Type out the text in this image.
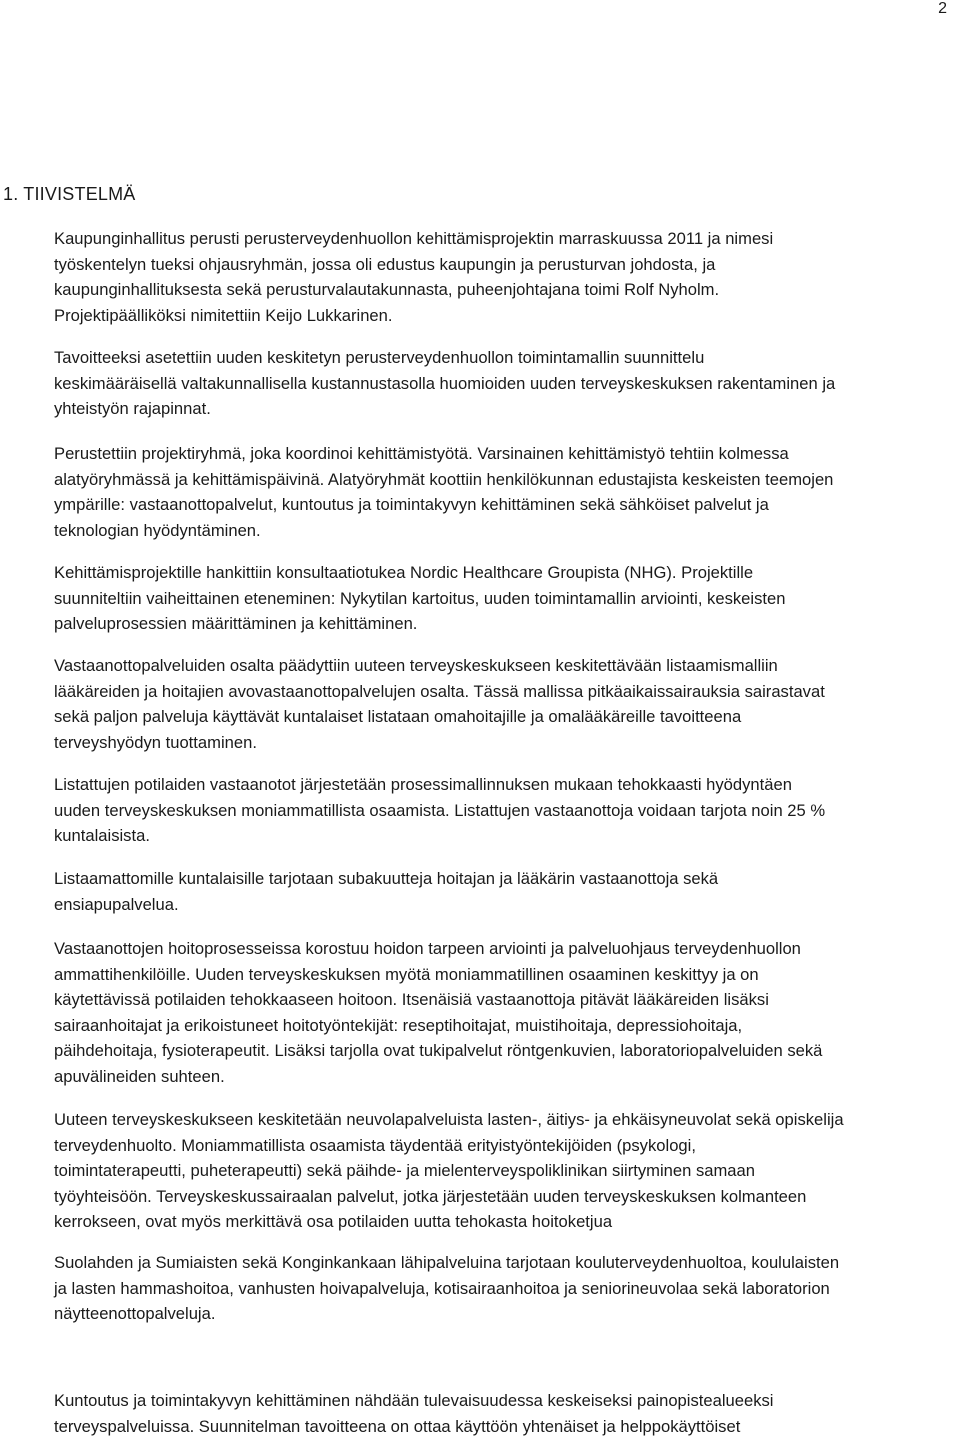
2
1. TIIVISTELMÄ
Kaupunginhallitus perusti perusterveydenhuollon kehittämisprojektin marraskuussa 2011 ja nimesi
työskentelyn tueksi ohjausryhmän, jossa oli edustus kaupungin ja perusturvan johdosta, ja
kaupunginhallituksesta sekä perusturvalautakunnasta, puheenjohtajana toimi Rolf Nyholm.
Projektipäälliköksi nimitettiin Keijo Lukkarinen.
Tavoitteeksi asetettiin uuden keskitetyn perusterveydenhuollon toimintamallin suunnittelu
keskimääräisellä valtakunnallisella kustannustasolla huomioiden uuden terveyskeskuksen rakentaminen ja
yhteistyön rajapinnat.
Perustettiin projektiryhmä, joka koordinoi kehittämistyötä. Varsinainen kehittämistyö tehtiin kolmessa
alatyöryhmässä ja kehittämispäivinä. Alatyöryhmät koottiin henkilökunnan edustajista keskeisten teemojen
ympärille: vastaanottopalvelut, kuntoutus ja toimintakyvyn kehittäminen sekä sähköiset palvelut ja
teknologian hyödyntäminen.
Kehittämisprojektille hankittiin konsultaatiotukea Nordic Healthcare Groupista (NHG). Projektille
suunniteltiin vaiheittainen eteneminen: Nykytilan kartoitus, uuden toimintamallin arviointi, keskeisten
palveluprosessien määrittäminen ja kehittäminen.
Vastaanottopalveluiden osalta päädyttiin uuteen terveyskeskukseen keskitettävään listaamismalliin
lääkäreiden ja hoitajien avovastaanottopalvelujen osalta. Tässä mallissa pitkäaikaissairauksia sairastavat
sekä paljon palveluja käyttävät kuntalaiset listataan omahoitajille ja omalääkäreille tavoitteena
terveyshyödyn tuottaminen.
Listattujen potilaiden vastaanotot järjestetään prosessimallinnuksen mukaan tehokkaasti hyödyntäen
uuden terveyskeskuksen moniammatillista osaamista. Listattujen vastaanottoja voidaan tarjota noin 25 %
kuntalaisista.
Listaamattomille kuntalaisille tarjotaan subakuutteja hoitajan ja lääkärin vastaanottoja sekä
ensiapupalvelua.
Vastaanottojen hoitoprosesseissa korostuu hoidon tarpeen arviointi ja palveluohjaus terveydenhuollon
ammattihenkilöille. Uuden terveyskeskuksen myötä moniammatillinen osaaminen keskittyy ja on
käytettävissä potilaiden tehokkaaseen hoitoon. Itsenäisiä vastaanottoja pitävät lääkäreiden lisäksi
sairaanhoitajat ja erikoistuneet hoitotyöntekijät: reseptihoitajat, muistihoitaja, depressiohoitaja,
päihdehoitaja, fysioterapeutit. Lisäksi tarjolla ovat tukipalvelut röntgenkuvien, laboratoriopalveluiden sekä
apuvälineiden suhteen.
Uuteen terveyskeskukseen keskitetään neuvolapalveluista lasten-, äitiys- ja ehkäisyneuvolat sekä opiskelija
terveydenhuolto. Moniammatillista osaamista täydentää erityistyöntekijöiden (psykologi,
toimintaterapeutti, puheterapeutti) sekä päihde- ja mielenterveyspoliklinikan siirtyminen samaan
työyhteisöön. Terveyskeskussairaalan palvelut, jotka järjestetään uuden terveyskeskuksen kolmanteen
kerrokseen, ovat myös merkittävä osa potilaiden uutta tehokasta hoitoketjua
Suolahden ja Sumiaisten sekä Konginkankaan lähipalveluina tarjotaan kouluterveydenhuoltoa, koululaisten
ja lasten hammashoitoa, vanhusten hoivapalveluja, kotisairaanhoitoa ja seniorineuvolaa sekä laboratorion
näytteenottopalveluja.
Kuntoutus ja toimintakyvyn kehittäminen nähdään tulevaisuudessa keskeiseksi painopistealueeksi
terveyspalveluissa. Suunnitelman tavoitteena on ottaa käyttöön yhtenäiset ja helppokäyttöiset
